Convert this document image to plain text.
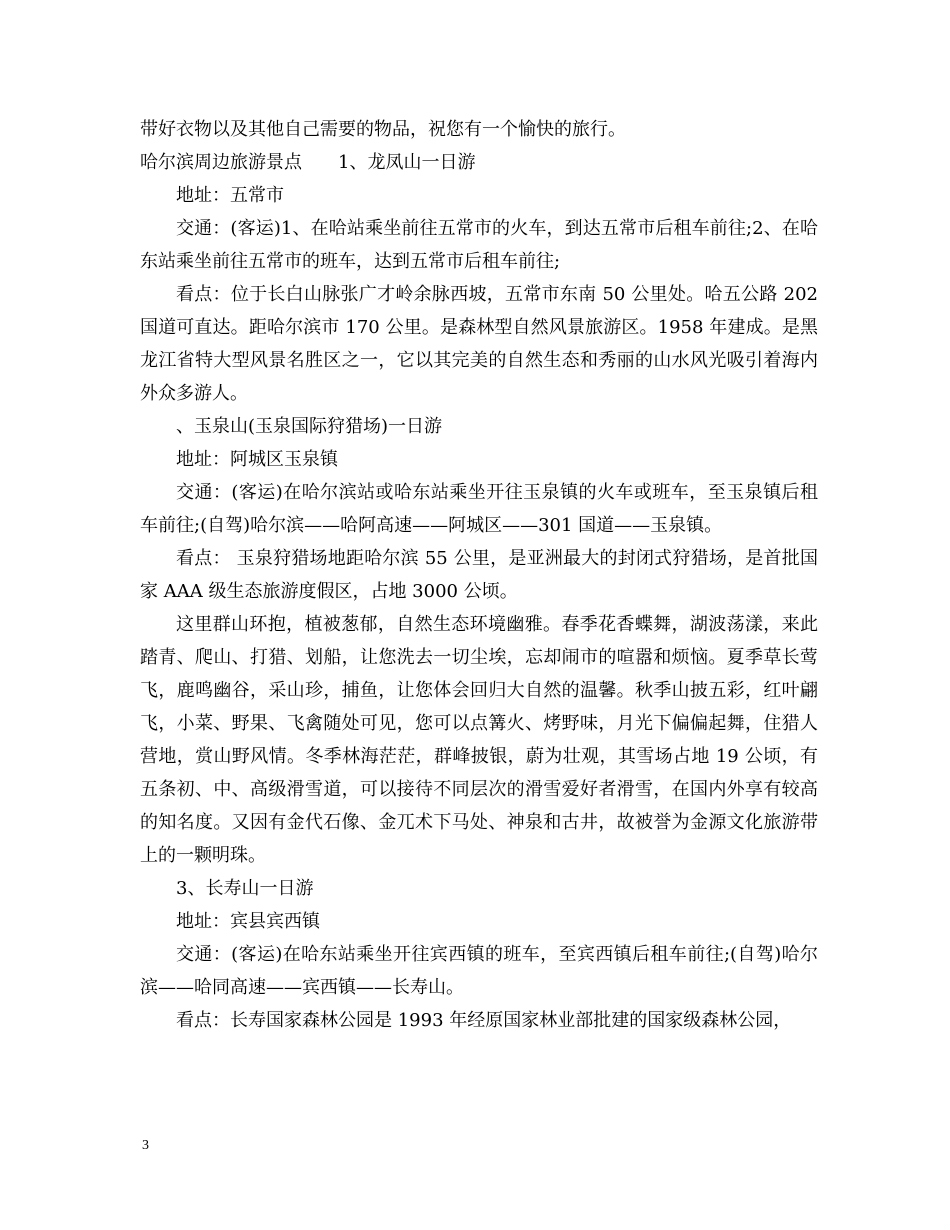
带好衣物以及其他自己需要的物品，祝您有一个愉快的旅行。

哈尔滨周边旅游景点 1、龙凤山一日游

地址：五常市

交通：(客运)1、在哈站乘坐前往五常市的火车，到达五常市后租车前往;2、在哈东站乘坐前往五常市的班车，达到五常市后租车前往;

看点：位于长白山脉张广才岭余脉西坡，五常市东南 50 公里处。哈五公路 202 国道可直达。距哈尔滨市 170 公里。是森林型自然风景旅游区。1958 年建成。是黑龙江省特大型风景名胜区之一，它以其完美的自然生态和秀丽的山水风光吸引着海内外众多游人。

、玉泉山(玉泉国际狩猎场)一日游

地址：阿城区玉泉镇

交通：(客运)在哈尔滨站或哈东站乘坐开往玉泉镇的火车或班车，至玉泉镇后租车前往;(自驾)哈尔滨——哈阿高速——阿城区——301 国道——玉泉镇。

看点： 玉泉狩猎场地距哈尔滨 55 公里，是亚洲最大的封闭式狩猎场，是首批国家 AAA 级生态旅游度假区，占地 3000 公顷。

这里群山环抱，植被葱郁，自然生态环境幽雅。春季花香蝶舞，湖波荡漾，来此踏青、爬山、打猎、划船，让您洗去一切尘埃，忘却闹市的喧嚣和烦恼。夏季草长莺飞，鹿鸣幽谷，采山珍，捕鱼，让您体会回归大自然的温馨。秋季山披五彩，红叶翩飞，小菜、野果、飞禽随处可见，您可以点篝火、烤野味，月光下偏偏起舞，住猎人营地，赏山野风情。冬季林海茫茫，群峰披银，蔚为壮观，其雪场占地 19 公顷，有五条初、中、高级滑雪道，可以接待不同层次的滑雪爱好者滑雪，在国内外享有较高的知名度。又因有金代石像、金兀术下马处、神泉和古井，故被誉为金源文化旅游带上的一颗明珠。

3、长寿山一日游

地址：宾县宾西镇

交通：(客运)在哈东站乘坐开往宾西镇的班车，至宾西镇后租车前往;(自驾)哈尔滨——哈同高速——宾西镇——长寿山。

看点：长寿国家森林公园是 1993 年经原国家林业部批建的国家级森林公园，

3
